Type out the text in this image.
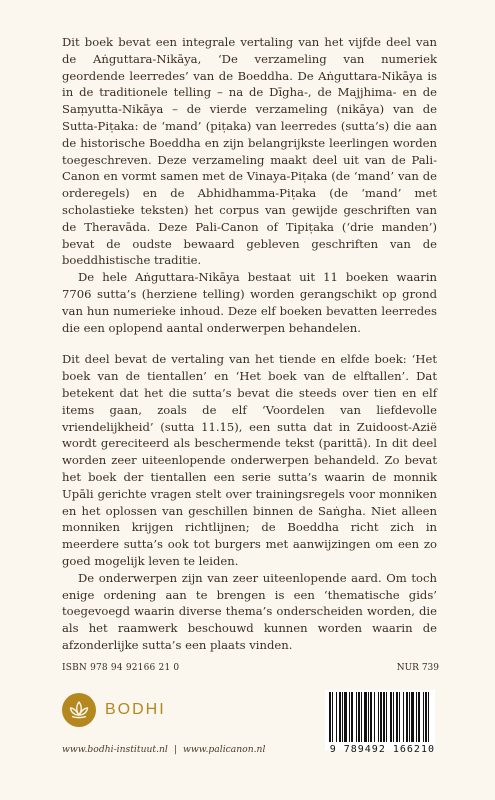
Dit boek bevat een integrale vertaling van het vijfde deel van de Aṅguttara-Nikāya, ‘De verzameling van numeriek geordende leerredes’ van de Boeddha. De Aṅguttara-Nikāya is in de traditionele telling – na de Dīgha-, de Majjhima- en de Saṃyutta-Nikāya – de vierde verzameling (nikāya) van de Sutta-Piṭaka: de ‘mand’ (piṭaka) van leerredes (sutta’s) die aan de historische Boeddha en zijn belangrijkste leerlingen worden toegeschreven. Deze verzameling maakt deel uit van de Pali-Canon en vormt samen met de Vinaya-Piṭaka (de ‘mand’ van de orderegels) en de Abhidhamma-Piṭaka (de ‘mand’ met scholastieke teksten) het corpus van gewijde geschriften van de Theravāda. Deze Pali-Canon of Tipiṭaka (‘drie manden’) bevat de oudste bewaard gebleven geschriften van de boeddhistische traditie.

De hele Aṅguttara-Nikāya bestaat uit 11 boeken waarin 7706 sutta’s (herziene telling) worden gerangschikt op grond van hun numerieke inhoud. Deze elf boeken bevatten leerredes die een oplopend aantal onderwerpen behandelen.

Dit deel bevat de vertaling van het tiende en elfde boek: ‘Het boek van de tientallen’ en ‘Het boek van de elftallen’. Dat betekent dat het die sutta’s bevat die steeds over tien en elf items gaan, zoals de elf ‘Voordelen van liefdevolle vriendelijkheid’ (sutta 11.15), een sutta dat in Zuidoost-Azië wordt gereciteerd als beschermende tekst (parittā). In dit deel worden zeer uiteenlopende onderwerpen behandeld. Zo bevat het boek der tientallen een serie sutta’s waarin de monnik Upāli gerichte vragen stelt over trainingsregels voor monniken en het oplossen van geschillen binnen de Saṅgha. Niet alleen monniken krijgen richtlijnen; de Boeddha richt zich in meerdere sutta’s ook tot burgers met aanwijzingen om een zo goed mogelijk leven te leiden.

De onderwerpen zijn van zeer uiteenlopende aard. Om toch enige ordening aan te brengen is een ‘thematische gids’ toegevoegd waarin diverse thema’s onderscheiden worden, die als het raamwerk beschouwd kunnen worden waarin de afzonderlijke sutta’s een plaats vinden.

ISBN 978 94 92166 21 0	NUR 739
BODHI
www.bodhi-instituut.nl | www.palicanon.nl	9 789492 166210
